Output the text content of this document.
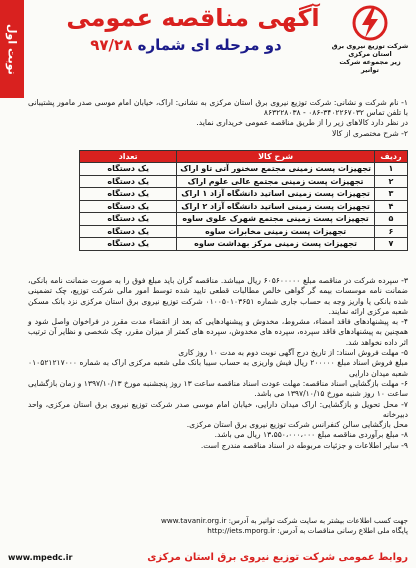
نوبت اول	شرکت توزیع نیروی برق استان مرکزی
زیر مجموعه شرکت توانیر
آگهی مناقصه عمومی
دو مرحله ای شماره ۹۷/۲۸
۱- نام شرکت و نشانی: شرکت توزیع نیروی برق استان مرکزی به نشانی: اراک، خیابان امام موسی صدر مامور پشتیبانی با تلفن تماس ۳۴۰۲۲۶۷۰۳۲-۰۸۶ - ۸۶۳۲۲۸۰۳۸
در نظر دارد کالاهای زیر را از طریق مناقصه عمومی خریداری نماید.
۲- شرح مختصری از کالا
ردیف	شرح کالا	تعداد
۱	تجهیزات پست زمینی مجتمع سخنور آتی تاو اراک	یک دستگاه
۲	تجهیزات پست زمینی مجتمع عالی علوم اراک	یک دستگاه
۳	تجهیزات پست زمینی اساتید دانشگاه آزاد ۱ اراک	یک دستگاه
۴	تجهیزات پست زمینی اساتید دانشگاه آزاد ۲ اراک	یک دستگاه
۵	تجهیزات پست زمینی مجتمع شهرک علوی ساوه	یک دستگاه
۶	تجهیزات پست زمینی مخابرات ساوه	یک دستگاه
۷	تجهیزات پست زمینی مرکز بهداشت ساوه	یک دستگاه

۳- سپرده شرکت در مناقصه مبلغ ۶۰۵۶۰۰۰۰۰ ریال میباشد. مناقصه گران باید مبلغ فوق را به صورت ضمانت نامه بانکی، ضمانت نامه موسسات بیمه گر گواهی خالص مطالبات قطعی تایید شده توسط امور مالی شرکت توزیع، چک تضمینی شده بانکی یا واریز وجه به حساب جاری شماره ۰۱۰۰۵۰۱۰۳۶۵۱ شرکت توزیع نیروی برق استان مرکزی نزد بانک مسکن شعبه مرکزی ارائه نمایند.

۴- به پیشنهادهای فاقد امضاء، مشروط، مخدوش و پیشنهادهایی که بعد از انقضاء مدت مقرر در فراخوان واصل شود و همچنین به پیشنهادهای فاقد سپرده، سپرده های مخدوش، سپرده های کمتر از میزان مقرر، چک شخصی و نظایر آن ترتیب اثر داده نخواهد شد.

۵- مهلت فروش اسناد: از تاریخ درج آگهی نوبت دوم به مدت ۱۰ روز کاری

مبلغ فروش اسناد مبلغ ۲۰۰۰۰۰ ریال فیش واریزی به حساب سیبا بانک ملی شعبه مرکزی اراک به شماره ۰۱۰۵۲۱۲۱۷۰۰۰ شعبه میدان دارایی

۶- مهلت بازگشایی اسناد مناقصه: مهلت عودت اسناد مناقصه ساعت ۱۳ روز پنجشنبه مورخ ۱۳۹۷/۱۰/۱۳ و زمان بازگشایی ساعت ۱۰ روز شنبه مورخ ۱۳۹۷/۱۰/۱۵ می باشد.

۷- محل تحویل و بازگشایی: اراک میدان دارایی، خیابان امام موسی صدر شرکت توزیع نیروی برق استان مرکزی، واحد دبیرخانه

محل بازگشایی سالن کنفرانس شرکت توزیع نیروی برق استان مرکزی.

۸- مبلغ برآوردی مناقصه مبلغ ۱۳،۵۵۰،۰۰۰،۰۰۰ ریال می باشد.

۹- سایر اطلاعات و جزئیات مربوطه در اسناد مناقصه مندرج است.

جهت کسب اطلاعات بیشتر به سایت شرکت توانیر به آدرس: www.tavanir.org.ir
پایگاه ملی اطلاع رسانی مناقصات به آدرس: http://iets.mporg.ir
روابط عمومی شرکت توزیع نیروی برق استان مرکزی
www.mpedc.ir
